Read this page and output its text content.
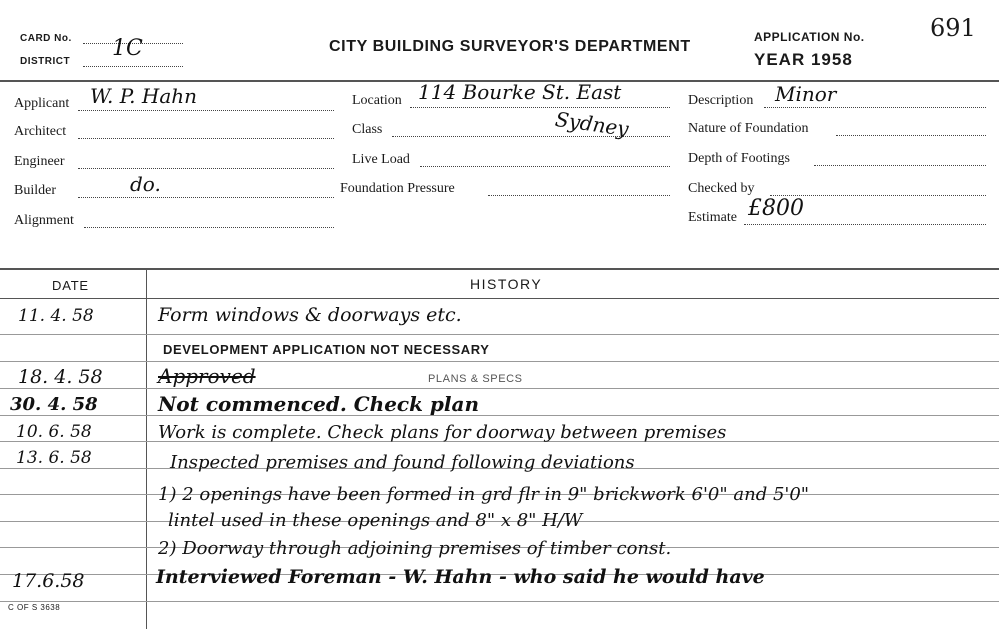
CARD No.
DISTRICT
1C	CITY BUILDING SURVEYOR'S DEPARTMENT
APPLICATION No.	691
YEAR 1958
Applicant W. P. Hahn
Architect
Engineer
Builder	do.
Alignment
Location 114 Bourke St. East
Class	Sydney
Live Load
Foundation Pressure
Description Minor
Nature of Foundation
Depth of Footings
Checked by
Estimate £800
DATE	HISTORY
11. 4. 58	Form windows & doorways etc.
DEVELOPMENT APPLICATION NOT NECESSARY
18. 4. 58	Approved	PLANS & SPECS
30. 4. 58	Not commenced. Check plan
10. 6. 58	Work is complete. Check plans for doorway between premises
13. 6. 58	Inspected premises and found following deviations
1) 2 openings have been formed in grd flr in 9" brickwork 6'0" and 5'0"
lintel used in these openings and 8" x 8" H/W
2) Doorway through adjoining premises of timber const.
17.6.58	Interviewed Foreman - W. Hahn - who said he would have
C OF S 3638
